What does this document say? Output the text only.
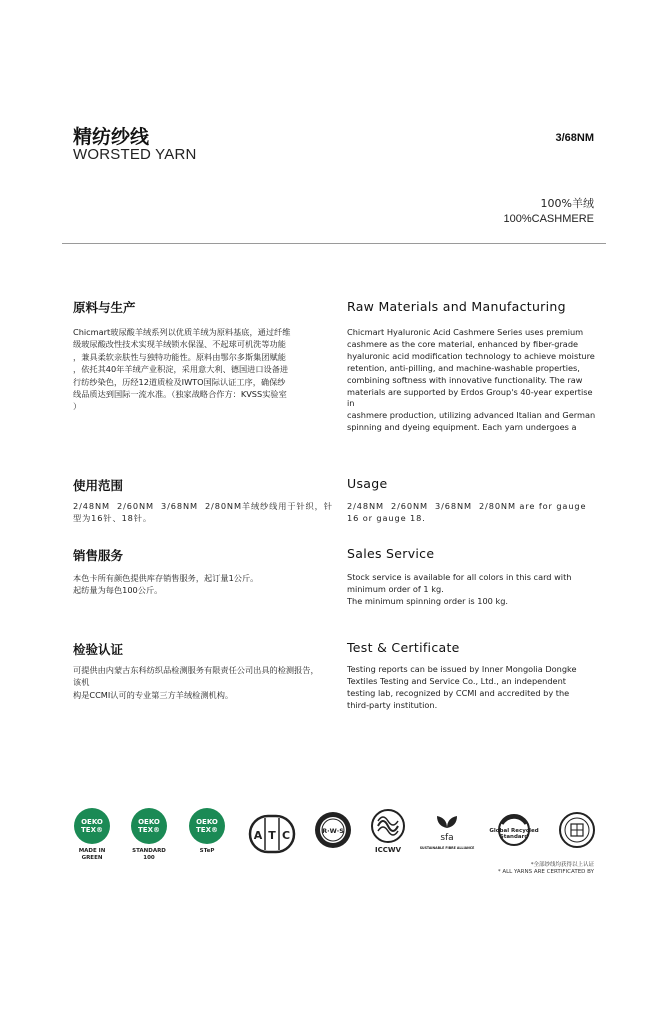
精纺纱线
WORSTED YARN
3/68NM
100%羊绒
100%CASHMERE
原料与生产	Raw Materials and Manufacturing
Chicmart玻尿酸羊绒系列以优质羊绒为原料基底，通过纤维
级玻尿酸改性技术实现羊绒锁水保湿、不起球可机洗等功能
，兼具柔软亲肤性与独特功能性。原料由鄂尔多斯集团赋能
，依托其40年羊绒产业积淀，采用意大利、德国进口设备进
行纺纱染色，历经12道质检及IWTO国际认证工序，确保纱
线品质达到国际一流水准。（独家战略合作方：KVSS实验室
）
Chicmart Hyaluronic Acid Cashmere Series uses premium
cashmere as the core material, enhanced by fiber-grade
hyaluronic acid modification technology to achieve moisture
retention, anti-pilling, and machine-washable properties,
combining softness with innovative functionality. The raw
materials are supported by Erdos Group's 40-year expertise in
cashmere production, utilizing advanced Italian and German
spinning and dyeing equipment. Each yarn undergoes a
使用范围	Usage
2/48NM  2/60NM  3/68NM  2/80NM羊绒纱线用于针织，针
型为16针、18针。
2/48NM  2/60NM  3/68NM  2/80NM are for gauge
16 or gauge 18.
销售服务	Sales Service
本色卡所有颜色提供库存销售服务，起订量1公斤。
起纺量为每色100公斤。
Stock service is available for all colors in this card with
minimum order of 1 kg.
The minimum spinning order is 100 kg.
检验认证	Test & Certificate
可提供由内蒙古东科纺织品检测服务有限责任公司出具的检测报告，该机
构是CCMI认可的专业第三方羊绒检测机构。
Testing reports can be issued by Inner Mongolia Dongke
Textiles Testing and Service Co., Ltd., an independent
testing lab, recognized by CCMI and accredited by the
third-party institution.
OEKO
TEX®
MADE IN GREEN
OEKO
TEX®
STANDARD 100
OEKO
TEX®
STeP
A T C	R·W·S
ICCWV
sfa
SUSTAINABLE FIBRE ALLIANCE
Global Recycled
Standard
*全部纱线均获得以上认证
* ALL YARNS ARE CERTIFICATED BY
